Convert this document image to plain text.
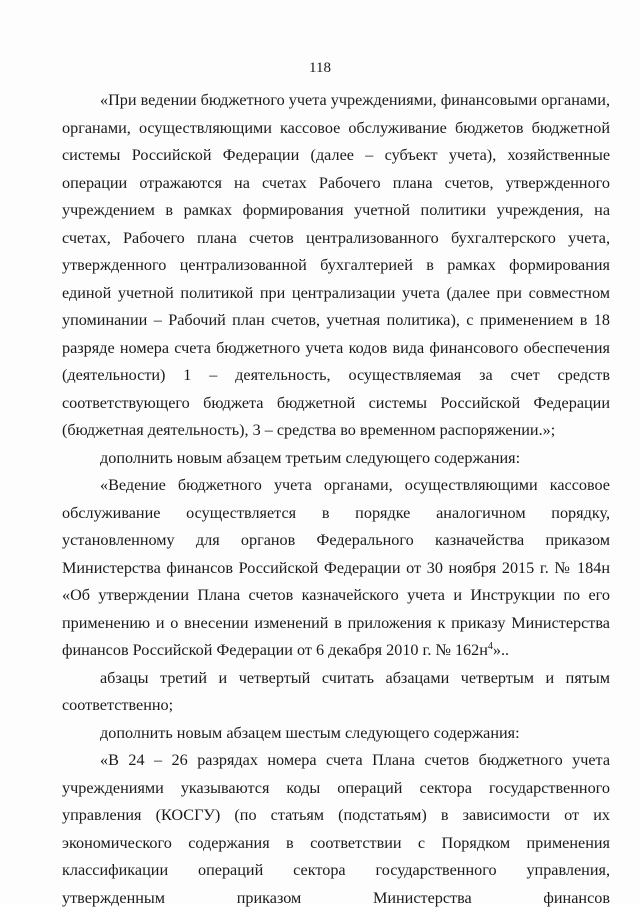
118

«При ведении бюджетного учета учреждениями, финансовыми органами, органами, осуществляющими кассовое обслуживание бюджетов бюджетной системы Российской Федерации (далее – субъект учета), хозяйственные операции отражаются на счетах Рабочего плана счетов, утвержденного учреждением в рамках формирования учетной политики учреждения, на счетах, Рабочего плана счетов централизованного бухгалтерского учета, утвержденного централизованной бухгалтерией в рамках формирования единой учетной политикой при централизации учета (далее при совместном упоминании – Рабочий план счетов, учетная политика), с применением в 18 разряде номера счета бюджетного учета кодов вида финансового обеспечения (деятельности) 1 – деятельность, осуществляемая за счет средств соответствующего бюджета бюджетной системы Российской Федерации (бюджетная деятельность), 3 – средства во временном распоряжении.»;

дополнить новым абзацем третьим следующего содержания:

«Ведение бюджетного учета органами, осуществляющими кассовое обслуживание осуществляется в порядке аналогичном порядку, установленному для органов Федерального казначейства приказом Министерства финансов Российской Федерации от 30 ноября 2015 г. № 184н «Об утверждении Плана счетов казначейского учета и Инструкции по его применению и о внесении изменений в приложения к приказу Министерства финансов Российской Федерации от 6 декабря 2010 г. № $162н^4$»..

абзацы третий и четвертый считать абзацами четвертым и пятым соответственно;

дополнить новым абзацем шестым следующего содержания:

«В 24 – 26 разрядах номера счета Плана счетов бюджетного учета учреждениями указываются коды операций сектора государственного управления (КОСГУ) (по статьям (подстатьям) в зависимости от их экономического содержания в соответствии с Порядком применения классификации операций сектора государственного управления, утвержденным приказом Министерства финансов
